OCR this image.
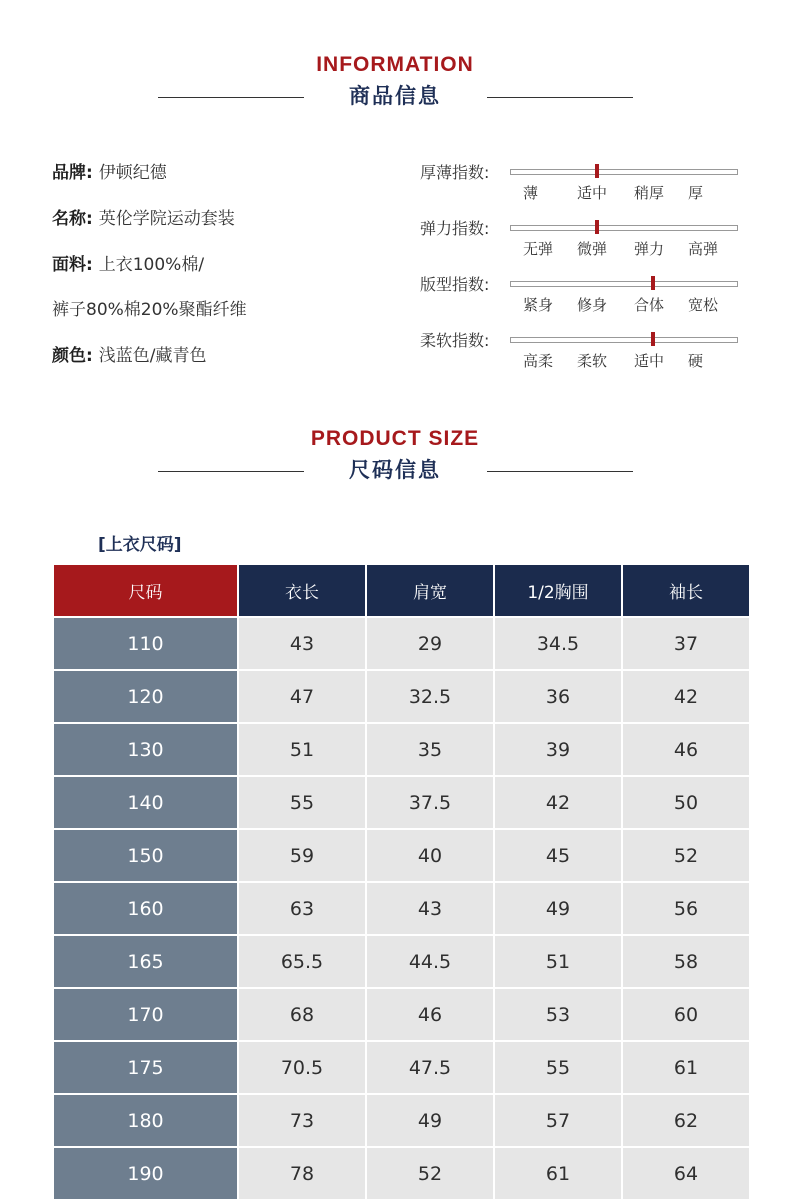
INFORMATION
商品信息
品牌: 伊顿纪德
名称: 英伦学院运动套装
面料: 上衣100%棉/
裤子80%棉20%聚酯纤维
颜色: 浅蓝色/藏青色
厚薄指数:
薄	适中 稍厚 厚
弹力指数:
无弹 微弹 弹力 高弹
版型指数:
紧身 修身 合体 宽松
柔软指数:
高柔 柔软 适中 硬
PRODUCT SIZE
尺码信息
[上衣尺码]
尺码	衣长	肩宽	1/2胸围	袖长
110	43	29	34.5	37
120	47	32.5	36	42
130	51	35	39	46
140	55	37.5	42	50
150	59	40	45	52
160	63	43	49	56
165	65.5	44.5	51	58
170	68	46	53	60
175	70.5	47.5	55	61
180	73	49	57	62
190	78	52	61	64
